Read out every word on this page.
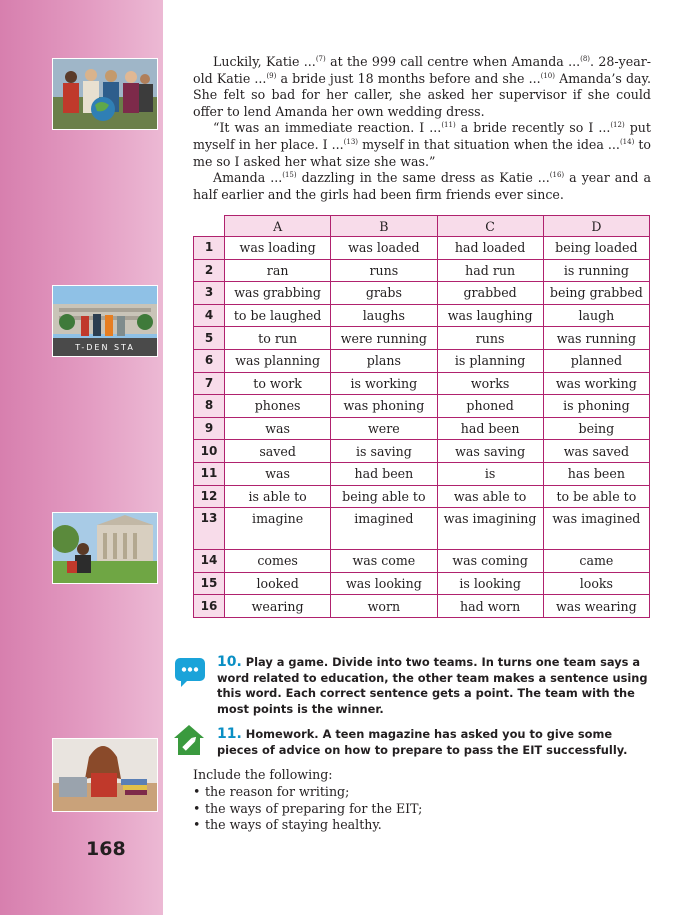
T-DEN STA
168

Luckily, Katie ...$^{(7)}$ at the 999 call centre when Amanda ...$^{(8)}$. 28-year-old Katie ...$^{(9)}$ a bride just 18 months before and she ...$^{(10)}$ Amanda’s day. She felt so bad for her caller, she asked her supervisor if she could offer to lend Amanda her own wedding dress.

“It was an immediate reaction. I ...$^{(11)}$ a bride recently so I ...$^{(12)}$ put myself in her place. I ...$^{(13)}$ myself in that situation when the idea ...$^{(14)}$ to me so I asked her what size she was.”

Amanda ...$^{(15)}$ dazzling in the same dress as Katie ...$^{(16)}$ a year and a half earlier and the girls had been firm friends ever since.

	A	B	C	D
1	was loading	was loaded	had loaded	being loaded
2	ran	runs	had run	is running
3	was grabbing	grabs	grabbed	being grabbed
4	to be laughed	laughs	was laughing	laugh
5	to run	were running	runs	was running
6	was planning	plans	is planning	planned
7	to work	is working	works	was working
8	phones	was phoning	phoned	is phoning
9	was	were	had been	being
10	saved	is saving	was saving	was saved
11	was	had been	is	has been
12	is able to	being able to	was able to	to be able to
13	imagine	imagined	was imagining	was imagined
14	comes	was come	was coming	came
15	looked	was looking	is looking	looks
16	wearing	worn	had worn	was wearing
10. Play a game. Divide into two teams. In turns one team says a word related to education, the other team makes a sentence using this word. Each correct sentence gets a point. The team with the most points is the winner.
11. Homework. A teen magazine has asked you to give some pieces of advice on how to prepare to pass the EIT successfully.
Include the following:
• the reason for writing;
• the ways of preparing for the EIT;
• the ways of staying healthy.
